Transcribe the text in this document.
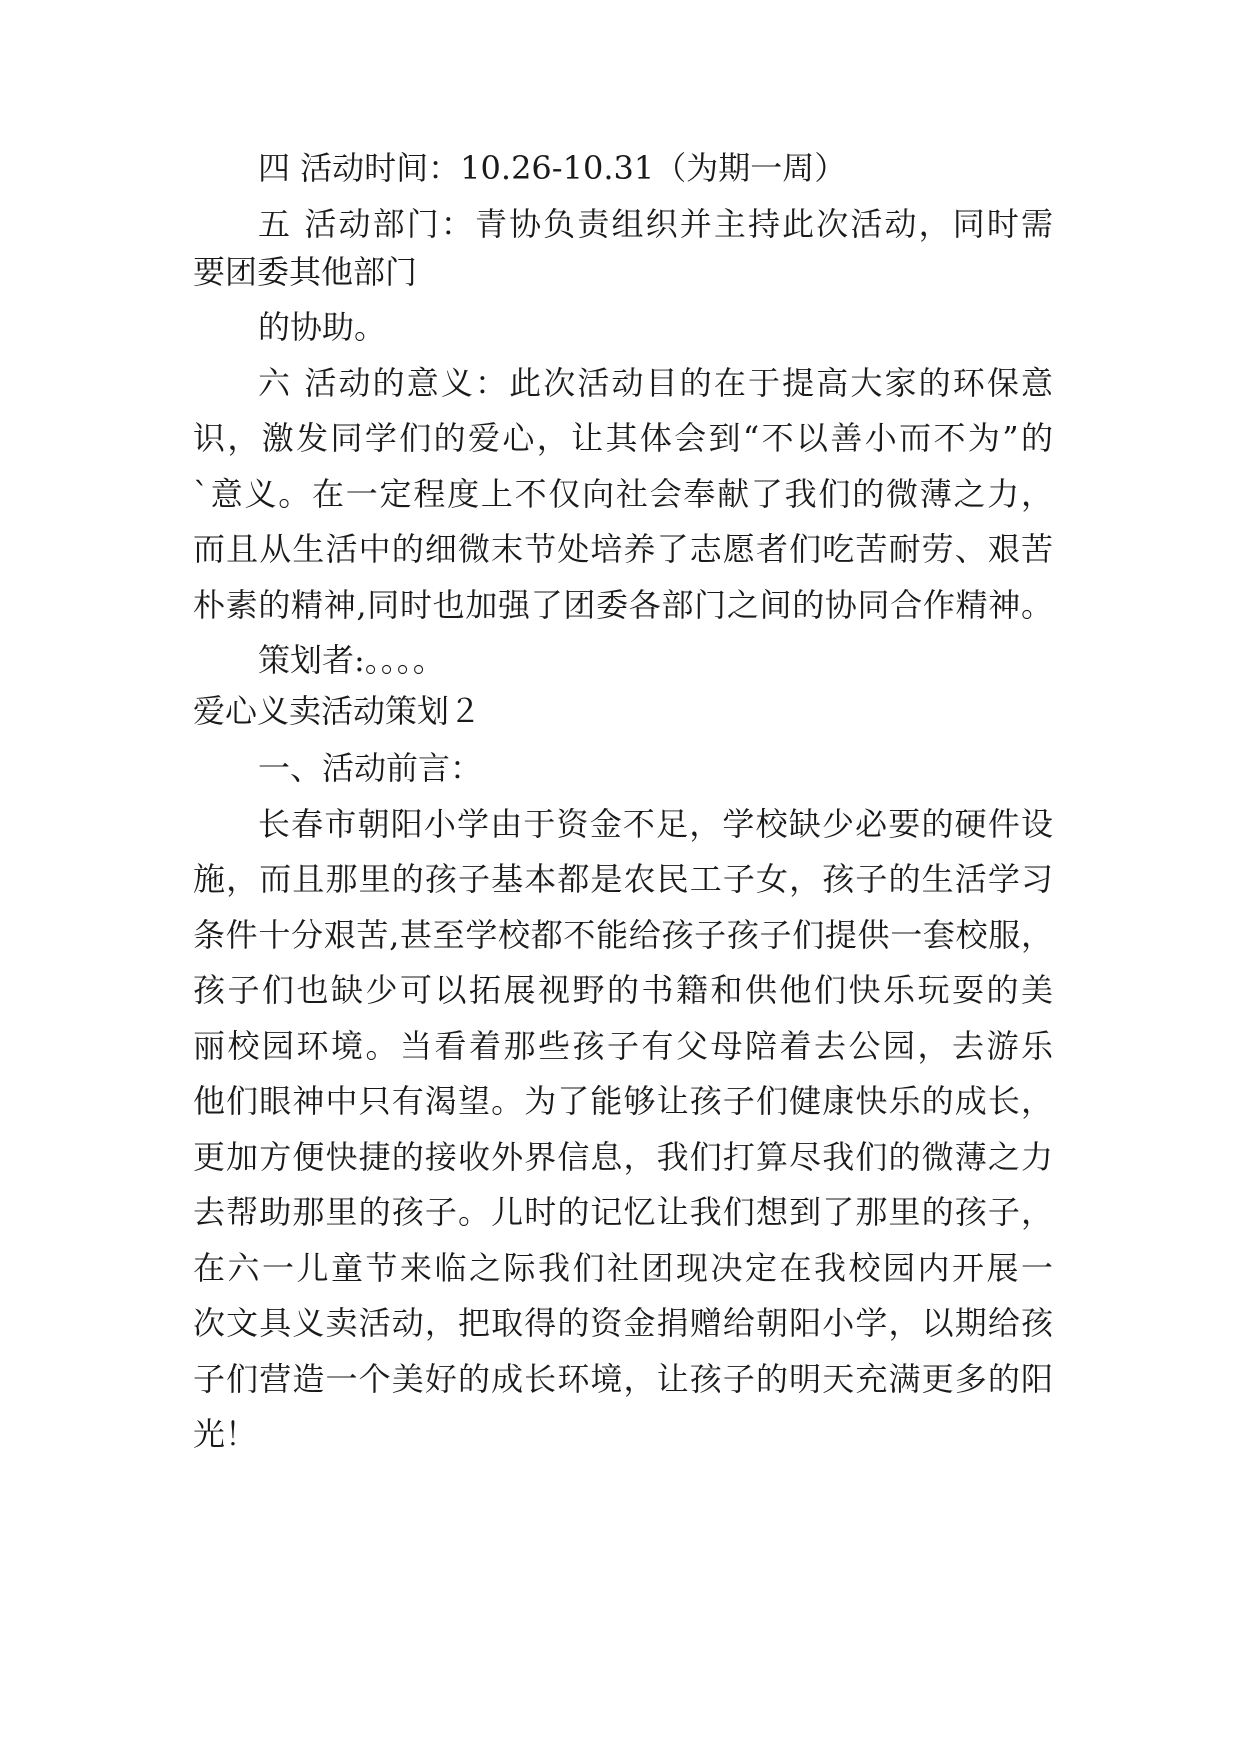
四 活动时间：10.26-10.31（为期一周）
五 活动部门：青协负责组织并主持此次活动，同时需
要团委其他部门
的协助。
六 活动的意义：此次活动目的在于提高大家的环保意
识，激发同学们的爱心，让其体会到“不以善小而不为”的
`意义。在一定程度上不仅向社会奉献了我们的微薄之力，
而且从生活中的细微末节处培养了志愿者们吃苦耐劳、艰苦
朴素的精神,同时也加强了团委各部门之间的协同合作精神。
策划者:。。。。
爱心义卖活动策划２
一、活动前言：
长春市朝阳小学由于资金不足，学校缺少必要的硬件设
施，而且那里的孩子基本都是农民工子女，孩子的生活学习
条件十分艰苦,甚至学校都不能给孩子孩子们提供一套校服，
孩子们也缺少可以拓展视野的书籍和供他们快乐玩耍的美
丽校园环境。当看着那些孩子有父母陪着去公园，去游乐
他们眼神中只有渴望。为了能够让孩子们健康快乐的成长，
更加方便快捷的接收外界信息，我们打算尽我们的微薄之力
去帮助那里的孩子。儿时的记忆让我们想到了那里的孩子，
在六一儿童节来临之际我们社团现决定在我校园内开展一
次文具义卖活动，把取得的资金捐赠给朝阳小学，以期给孩
子们营造一个美好的成长环境，让孩子的明天充满更多的阳
光！
